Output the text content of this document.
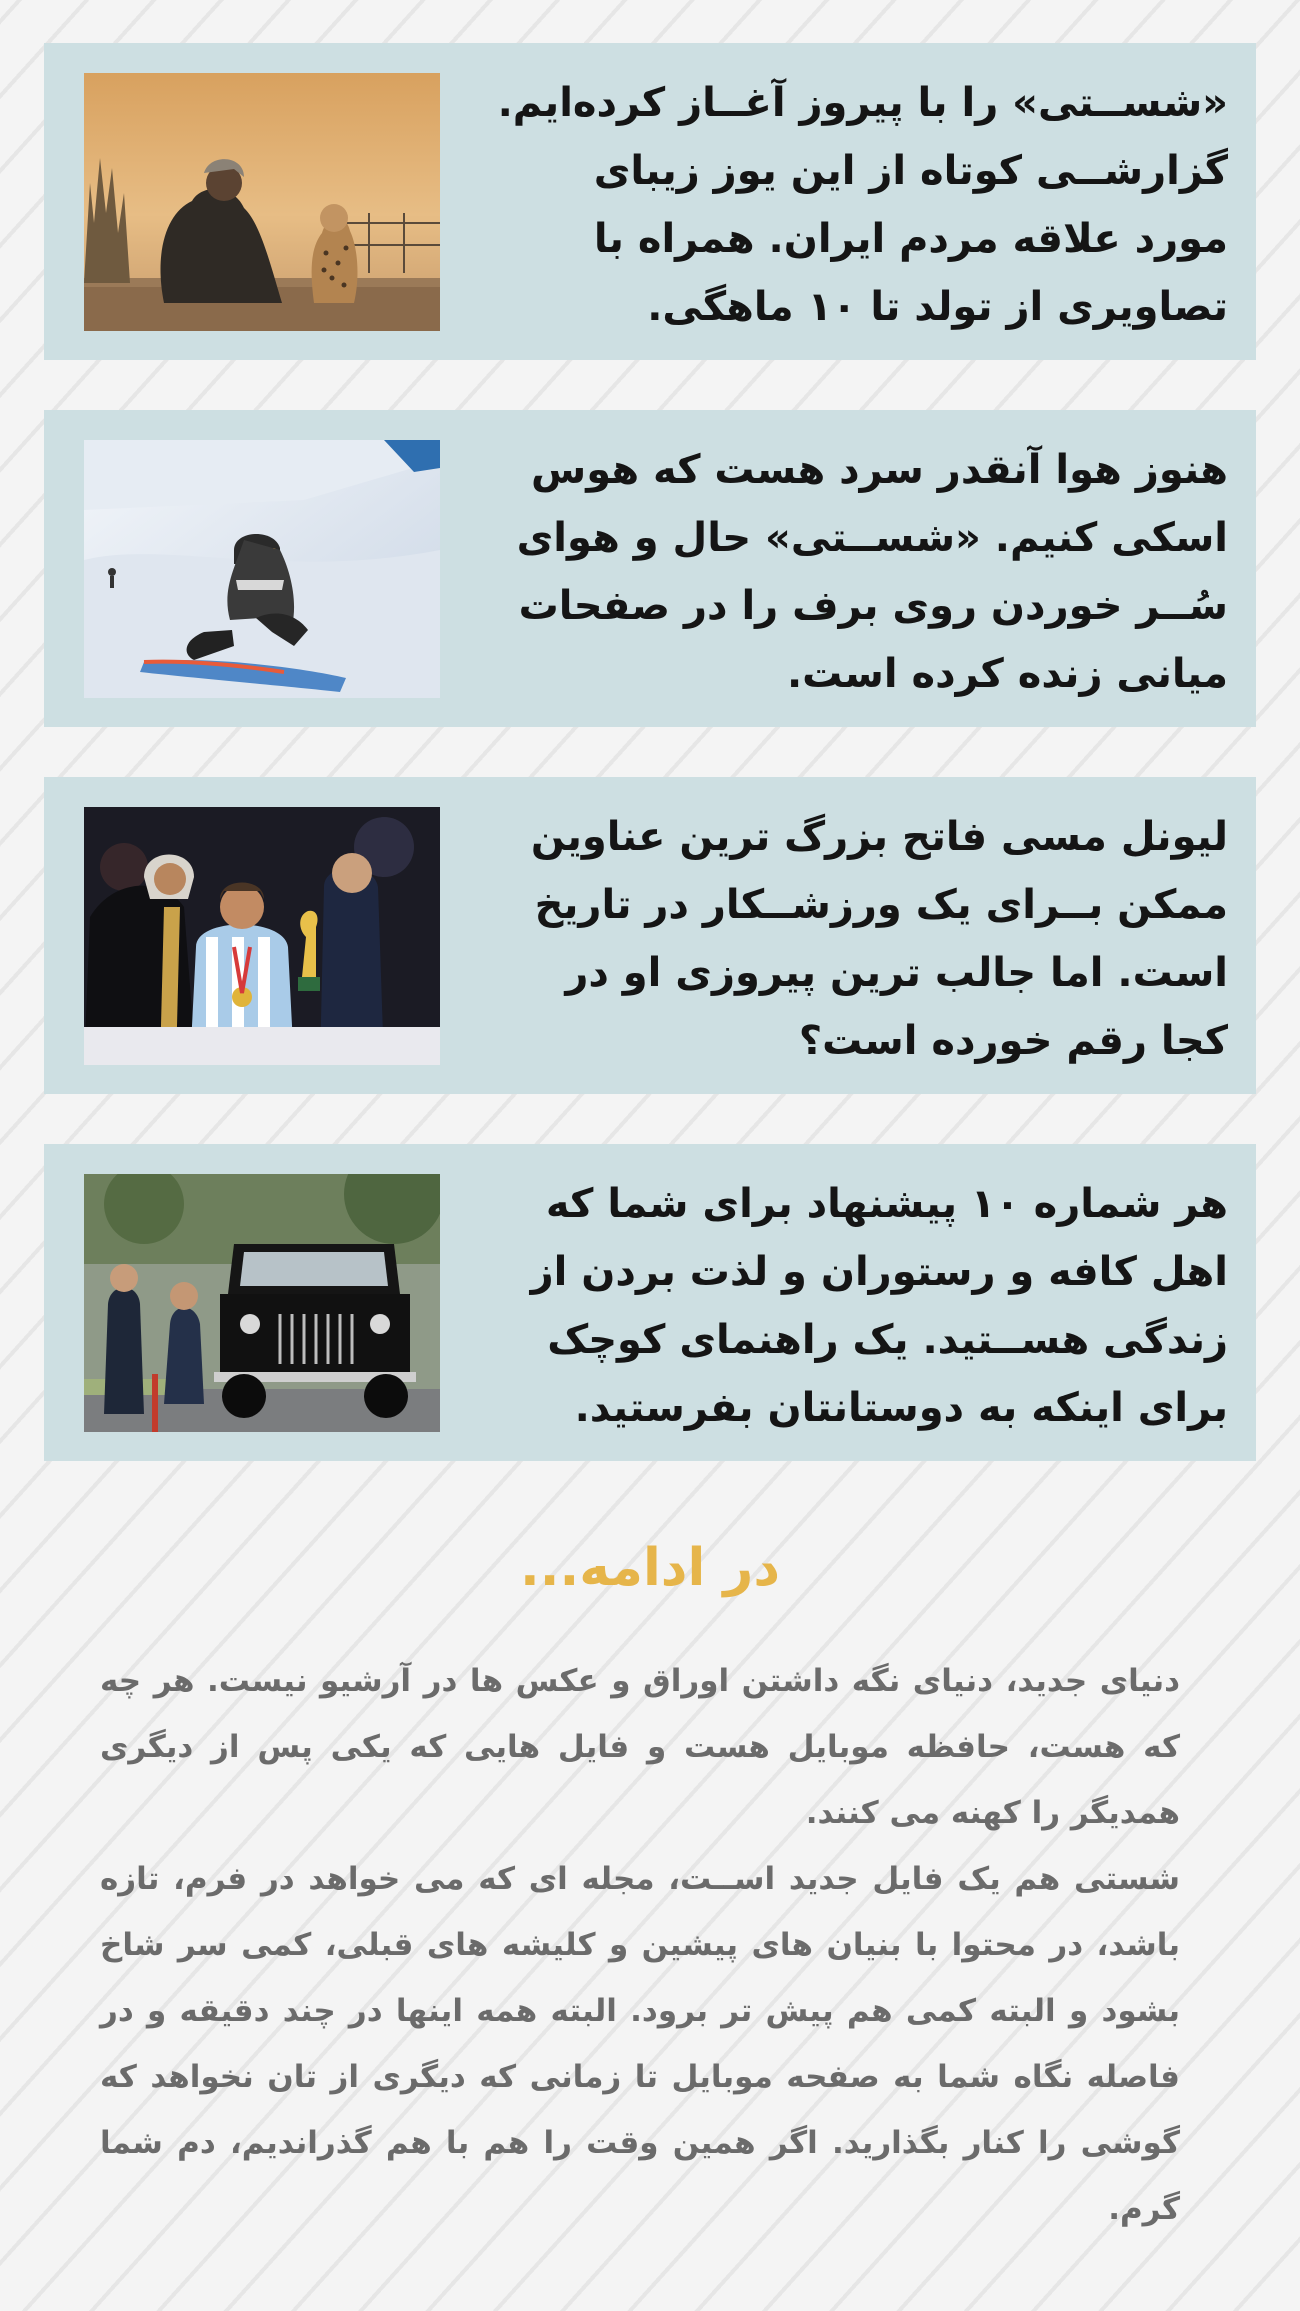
«شســتی» را با پیروز آغــاز کرده‌ایم. گزارشــی کوتاه از این یوز زیبای مورد علاقه مردم ایران. همراه با تصاویری از تولد تا ۱۰ ماهگی.

هنوز هوا آنقدر سرد هست که هوس اسکی کنیم. «شســتی» حال و هوای سُــر خوردن روی برف را در صفحات میانی زنده کرده است.

لیونل مسی فاتح بزرگ ترین عناوین ممکن بــرای یک ورزشــکار در تاریخ است. اما جالب ترین پیروزی او در کجا رقم خورده است؟

هر شماره ۱۰ پیشنهاد برای شما که اهل کافه و رستوران و لذت بردن از زندگی هســتید. یک راهنمای کوچک برای اینکه به دوستانتان بفرستید.

در ادامه...

دنیای جدید، دنیای نگه داشتن اوراق و عکس ها در آرشیو نیست. هر چه که هست، حافظه موبایل هست و فایل هایی که یکی پس از دیگری همدیگر را کهنه می کنند.

شستی هم یک فایل جدید اســت، مجله ای که می خواهد در فرم، تازه باشد، در محتوا با بنیان های پیشین و کلیشه های قبلی، کمی سر شاخ بشود و البته کمی هم پیش تر برود. البته همه اینها در چند دقیقه و در فاصله نگاه شما به صفحه موبایل تا زمانی که دیگری از تان نخواهد که گوشی را کنار بگذارید. اگر همین وقت را هم با هم گذراندیم، دم شما گرم.
